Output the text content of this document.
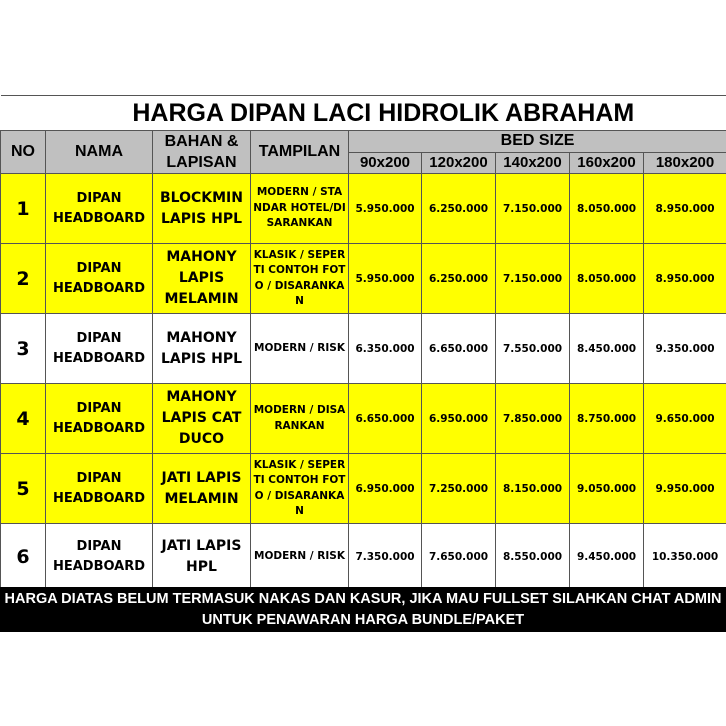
HARGA DIPAN LACI HIDROLIK ABRAHAM								
NO	NAMA	BAHAN & LAPISAN	TAMPILAN	BED SIZE				
				90x200	120x200	140x200	160x200	180x200
1	DIPAN HEADBOARD	BLOCKMIN LAPIS HPL	MODERN / STANDAR HOTEL/DISARANKAN	5.950.000	6.250.000	7.150.000	8.050.000	8.950.000
2	DIPAN HEADBOARD	MAHONY LAPIS MELAMIN	KLASIK / SEPERTI CONTOH FOTO / DISARANKAN	5.950.000	6.250.000	7.150.000	8.050.000	8.950.000
3	DIPAN HEADBOARD	MAHONY LAPIS HPL	MODERN / RISK	6.350.000	6.650.000	7.550.000	8.450.000	9.350.000
4	DIPAN HEADBOARD	MAHONY LAPIS CAT DUCO	MODERN / DISARANKAN	6.650.000	6.950.000	7.850.000	8.750.000	9.650.000
5	DIPAN HEADBOARD	JATI LAPIS MELAMIN	KLASIK / SEPERTI CONTOH FOTO / DISARANKAN	6.950.000	7.250.000	8.150.000	9.050.000	9.950.000
6	DIPAN HEADBOARD	JATI LAPIS HPL	MODERN / RISK	7.350.000	7.650.000	8.550.000	9.450.000	10.350.000
HARGA DIATAS BELUM TERMASUK NAKAS DAN KASUR, JIKA MAU FULLSET SILAHKAN CHAT ADMIN UNTUK PENAWARAN HARGA BUNDLE/PAKET
